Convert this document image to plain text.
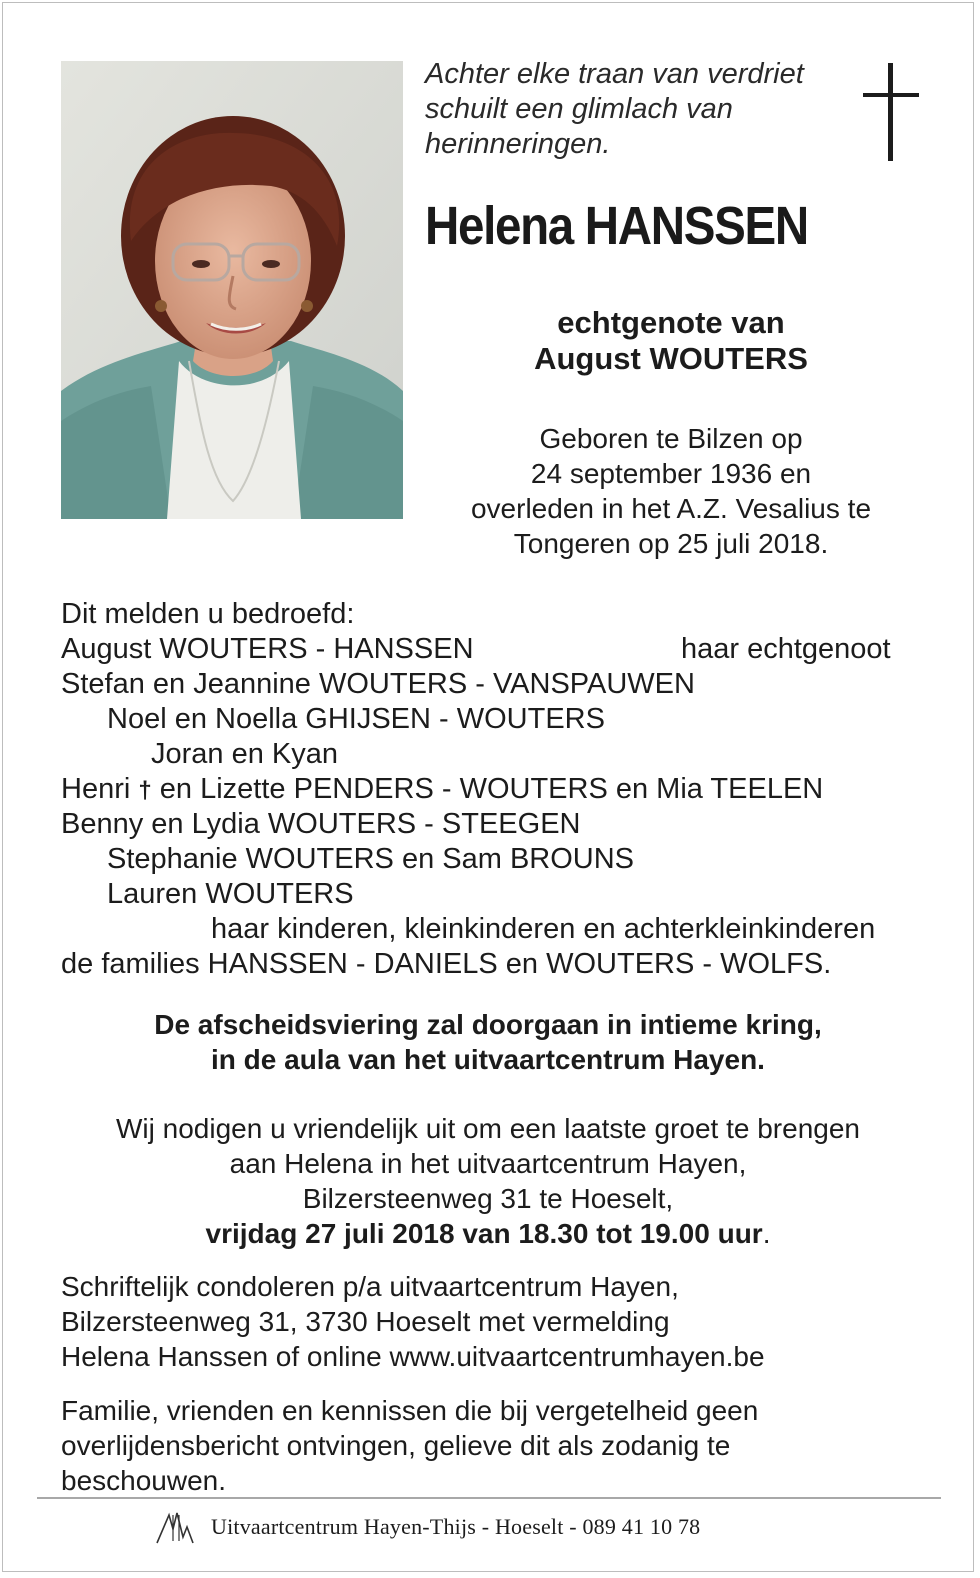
Achter elke traan van verdriet
schuilt een glimlach van
herinneringen.
Helena HANSSEN
echtgenote van
August WOUTERS
Geboren te Bilzen op
24 september 1936 en
overleden in het A.Z. Vesalius te
Tongeren op 25 juli 2018.
Dit melden u bedroefd:
August WOUTERS - HANSSEN	haar echtgenoot
Stefan en Jeannine WOUTERS - VANSPAUWEN
Noel en Noella GHIJSEN - WOUTERS
Joran en Kyan
Henri † en Lizette PENDERS - WOUTERS en Mia TEELEN
Benny en Lydia WOUTERS - STEEGEN
Stephanie WOUTERS en Sam BROUNS
Lauren WOUTERS
haar kinderen, kleinkinderen en achterkleinkinderen
de families HANSSEN - DANIELS en WOUTERS - WOLFS.
De afscheidsviering zal doorgaan in intieme kring,
in de aula van het uitvaartcentrum Hayen.
Wij nodigen u vriendelijk uit om een laatste groet te brengen
aan Helena in het uitvaartcentrum Hayen,
Bilzersteenweg 31 te Hoeselt,
vrijdag 27 juli 2018 van 18.30 tot 19.00 uur.
Schriftelijk condoleren p/a uitvaartcentrum Hayen,
Bilzersteenweg 31, 3730 Hoeselt met vermelding
Helena Hanssen of online www.uitvaartcentrumhayen.be
Familie, vrienden en kennissen die bij vergetelheid geen
overlijdensbericht ontvingen, gelieve dit als zodanig te
beschouwen.
Uitvaartcentrum Hayen-Thijs - Hoeselt - 089 41 10 78
